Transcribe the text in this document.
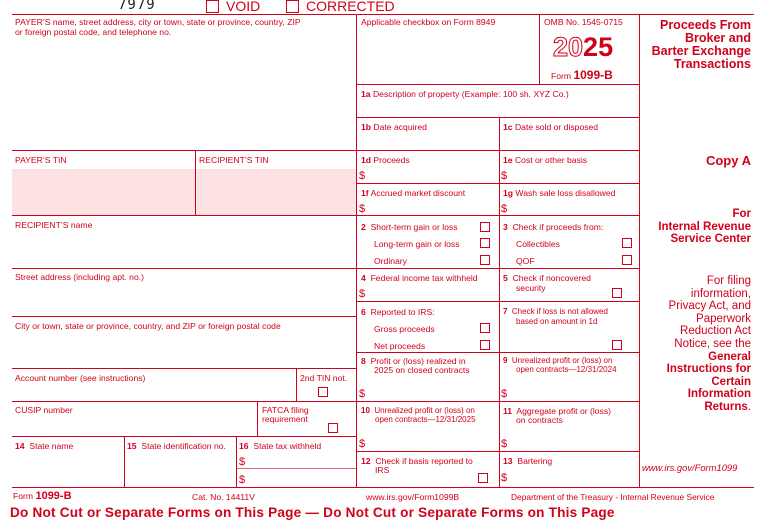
7979	VOID	CORRECTED
PAYER’S name, street address, city or town, state or province, country, ZIP
or foreign postal code, and telephone no.
PAYER’S TIN	RECIPIENT’S TIN
RECIPIENT’S name
Street address (including apt. no.)
City or town, state or province, country, and ZIP or foreign postal code
Account number (see instructions)	2nd TIN not.
CUSIP number	FATCA filing
requirement
14 State name	15 State identification no. 16 State tax withheld
$
$
Applicable checkbox on Form 8949	OMB No. 1545-0715
2025
Form 1099-B
Proceeds From
Broker and
Barter Exchange
Transactions
1a Description of property (Example: 100 sh. XYZ Co.)
1b Date acquired	1c Date sold or disposed
1d Proceeds
$
1e Cost or other basis
$
1f Accrued market discount
$
1g Wash sale loss disallowed
$
2 Short-term gain or loss
Long-term gain or loss
Ordinary
3 Check if proceeds from:
Collectibles
QOF
4 Federal income tax withheld
$
5 Check if noncovered
security
6 Reported to IRS:
Gross proceeds
Net proceeds
7 Check if loss is not allowed
based on amount in 1d
8 Profit or (loss) realized in
2025 on closed contracts
$
9 Unrealized profit or (loss) on
open contracts—12/31/2024
$
10 Unrealized profit or (loss) on
open contracts—12/31/2025
$
11 Aggregate profit or (loss)
on contracts
$
12 Check if basis reported to
IRS
13 Bartering
$
Copy A
For
Internal Revenue
Service Center
For filing
information,
Privacy Act, and
Paperwork
Reduction Act
Notice, see the
General
Instructions for
Certain
Information
Returns.
www.irs.gov/Form1099
Form 1099-B	Cat. No. 14411V	www.irs.gov/Form1099B	Department of the Treasury - Internal Revenue Service
Do Not Cut or Separate Forms on This Page — Do Not Cut or Separate Forms on This Page
